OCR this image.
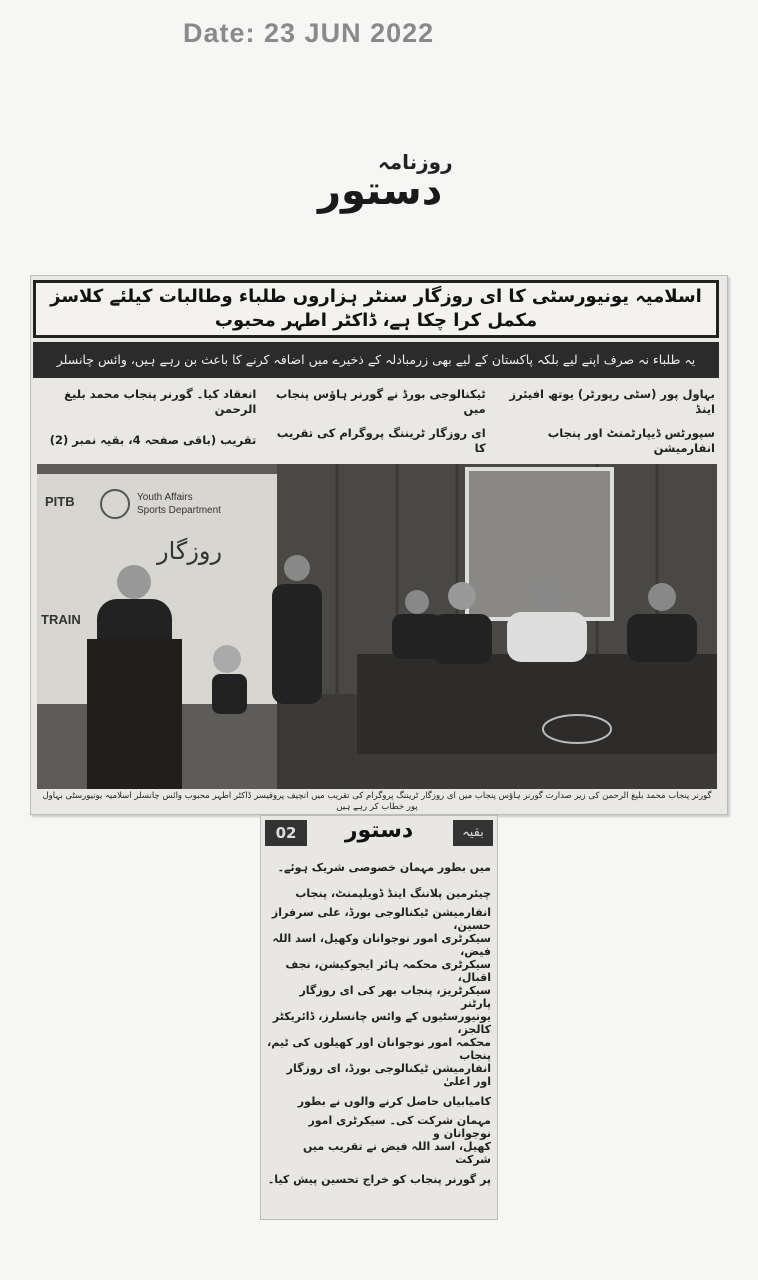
Date: 23 JUN 2022
روزنامہ
دستور
اسلامیہ یونیورسٹی کا ای روزگار سنٹر ہزاروں طلباء وطالبات کیلئے کلاسز مکمل کرا چکا ہے، ڈاکٹر اطہر محبوب
یہ طلباء نہ صرف اپنے لیے بلکہ پاکستان کے لیے بھی زرمبادلہ کے ذخیرے میں اضافہ کرنے کا باعث بن رہے ہیں، وائس چانسلر
بہاول پور (سٹی رپورٹر) یوتھ افیئرز اینڈ
ٹیکنالوجی بورڈ نے گورنر ہاؤس پنجاب میں
انعقاد کیا۔ گورنر پنجاب محمد بلیغ الرحمن
سپورٹس ڈیپارٹمنٹ اور پنجاب انفارمیشن
ای روزگار ٹریننگ پروگرام کی تقریب کا
تقریب (باقی صفحہ 4، بقیہ نمبر (2)
PITB	Youth Affairs
Sports Department
روزگار
TRAIN
گورنر پنجاب محمد بلیغ الرحمن کی زیر صدارت گورنر ہاؤس پنجاب میں ای روزگار ٹریننگ پروگرام کی تقریب میں انچیف پروفیسر ڈاکٹر اطہر محبوب وائس چانسلر اسلامیہ یونیورسٹی بہاول پور خطاب کر رہے ہیں
02	دستور	بقیہ
میں بطور مہمان خصوصی شریک ہوئے۔
چیئرمین پلاننگ اینڈ ڈویلپمنٹ، پنجاب
انفارمیشن ٹیکنالوجی بورڈ، علی سرفراز حسین،
سیکرٹری امور نوجوانان وکھیل، اسد اللہ فیض،
سیکرٹری محکمہ ہائر ایجوکیشن، نجف اقبال،
سیکرٹریز، پنجاب بھر کی ای روزگار پارٹنر
یونیورسٹیوں کے وائس چانسلرز، ڈائریکٹر کالجز،
محکمہ امور نوجوانان اور کھیلوں کی ٹیم، پنجاب
انفارمیشن ٹیکنالوجی بورڈ، ای روزگار اور اعلیٰ
کامیابیاں حاصل کرنے والوں نے بطور
مہمان شرکت کی۔ سیکرٹری امور نوجوانان و
کھیل، اسد اللہ فیض نے تقریب میں شرکت
پر گورنر پنجاب کو خراج تحسین پیش کیا۔
